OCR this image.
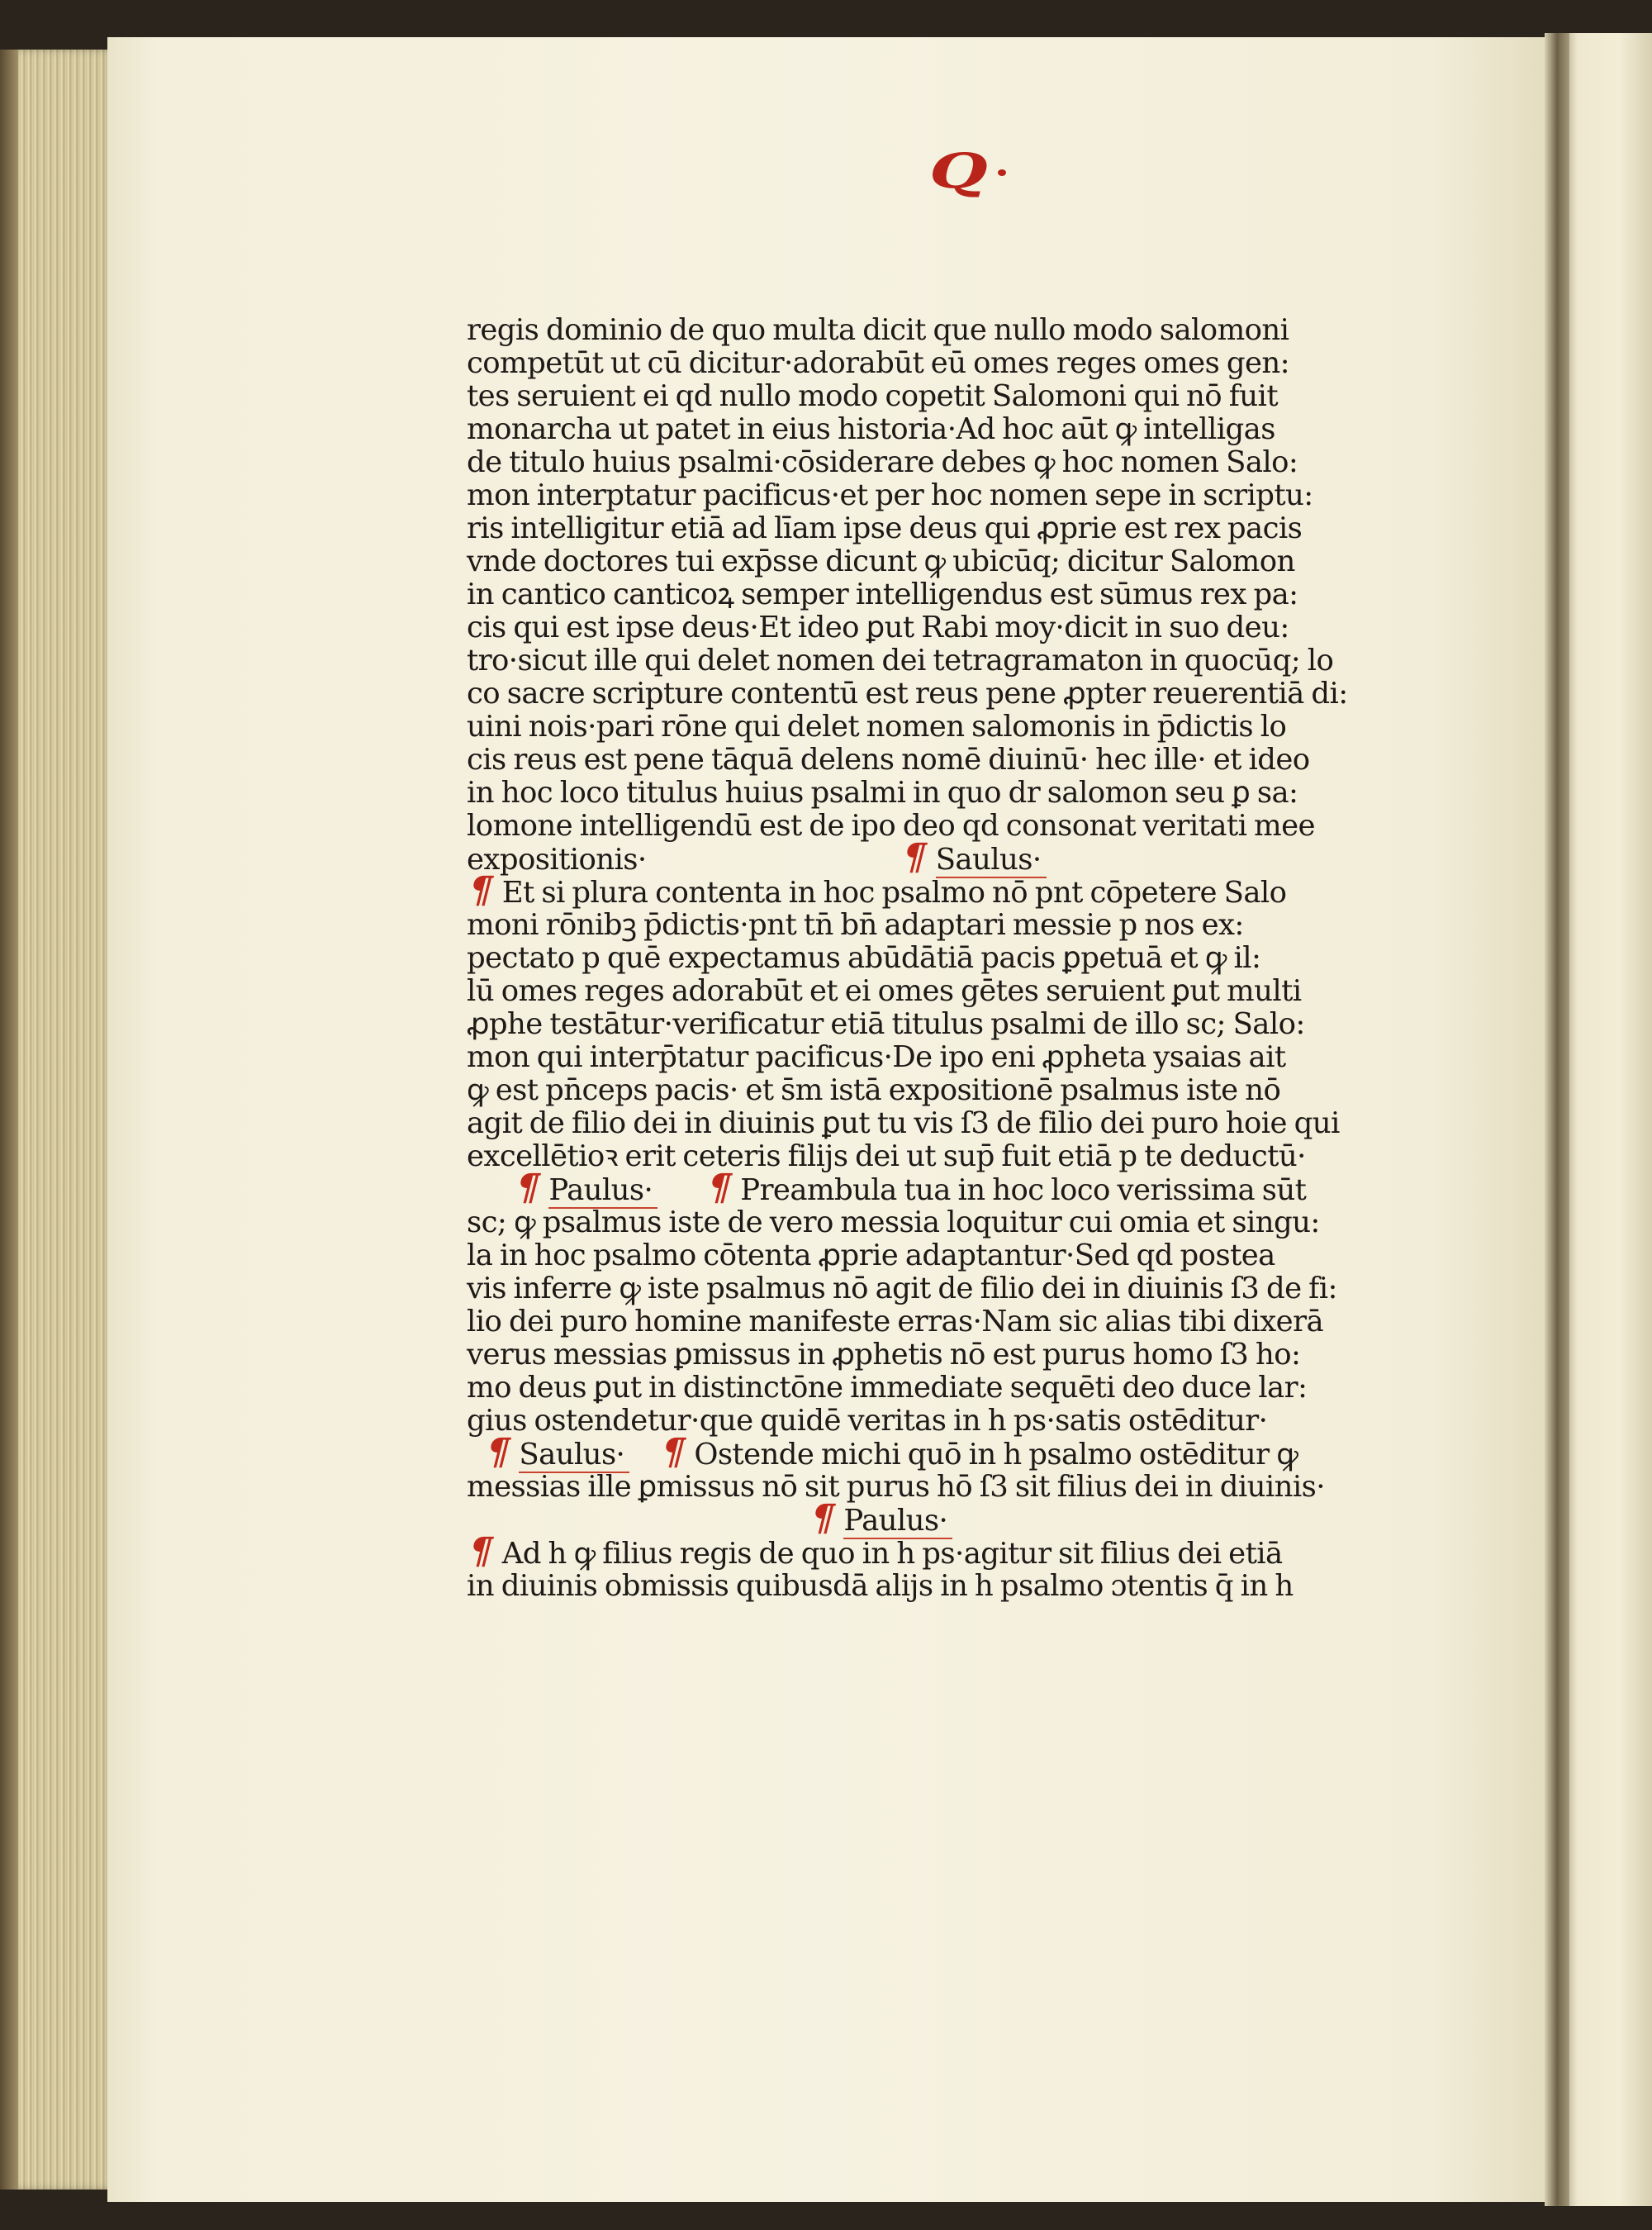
Q
regis dominio de quo multa dicit que nullo modo salomoni
competūt ut cū dicitur·adorabūt eū omes reges omes gen:
tes seruient ei qd nullo modo copetit Salomoni qui nō fuit
monarcha ut patet in eius historia·Ad hoc aūt ꝙ intelligas
de titulo huius psalmi·cōsiderare debes ꝙ hoc nomen Salo:
mon interptatur pacificus·et per hoc nomen sepe in scriptu:
ris intelligitur etiā ad līam ipse deus qui ꝓprie est rex pacis
vnde doctores tui exp̄sse dicunt ꝙ ubicūq; dicitur Salomon
in cantico canticoꝝ semper intelligendus est sūmus rex pa:
cis qui est ipse deus·Et ideo ꝑut Rabi moy·dicit in suo deu:
tro·sicut ille qui delet nomen dei tetragramaton in quocūq; lo
co sacre scripture contentū est reus pene ꝓpter reuerentiā di:
uini nois·pari rōne qui delet nomen salomonis in p̄dictis lo
cis reus est pene tāquā delens nomē diuinū· hec ille· et ideo
in hoc loco titulus huius psalmi in quo dr salomon seu ꝑ sa:
lomone intelligendū est de ipo deo qd consonat veritati mee
expositionis·	¶ Saulus·
¶ Et si plura contenta in hoc psalmo nō pnt cōpetere Salo
moni rōnibꝫ p̄dictis·pnt tn̄ bn̄ adaptari messie p nos ex:
pectato p quē expectamus abūdātiā pacis ꝑpetuā et ꝙ il:
lū omes reges adorabūt et ei omes gētes seruient ꝑut multi
ꝓphe testātur·verificatur etiā titulus psalmi de illo sc; Salo:
mon qui interp̄tatur pacificus·De ipo eni ꝓpheta ysaias ait
ꝙ est pn̄ceps pacis· et s̄m istā expositionē psalmus iste nō
agit de filio dei in diuinis ꝑut tu vis ſ3 de filio dei puro hoie qui
excellētioꝛ erit ceteris filijs dei ut sup̄ fuit etiā p te deductū·
¶ Paulus· ¶ Preambula tua in hoc loco verissima sūt
sc; ꝙ psalmus iste de vero messia loquitur cui omia et singu:
la in hoc psalmo cōtenta ꝓprie adaptantur·Sed qd postea
vis inferre ꝙ iste psalmus nō agit de filio dei in diuinis ſ3 de fi:
lio dei puro homine manifeste erras·Nam sic alias tibi dixerā
verus messias ꝑmissus in ꝓphetis nō est purus homo ſ3 ho:
mo deus ꝑut in distinctōne immediate sequēti deo duce lar:
gius ostendetur·que quidē veritas in h ps·satis ostēditur·
¶ Saulus· ¶ Ostende michi quō in h psalmo ostēditur ꝙ
messias ille ꝑmissus nō sit purus hō ſ3 sit filius dei in diuinis·
¶ Paulus·
¶ Ad h ꝙ filius regis de quo in h ps·agitur sit filius dei etiā
in diuinis obmissis quibusdā alijs in h psalmo ɔtentis q̄ in h
